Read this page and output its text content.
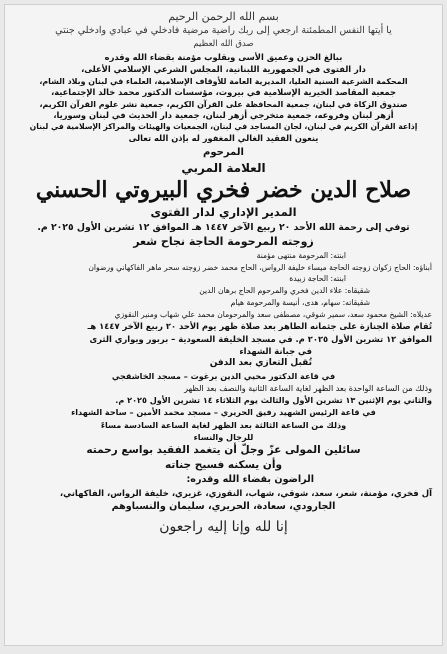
بسم الله الرحمن الرحيم
يا أيتها النفس المطمئنة ارجعي إلى ربك راضية مرضية فادخلي في عبادي وادخلي جنتي
صدق الله العظيم
ببالغ الحزن وعميق الأسى وبقلوب مؤمنة بقضاء الله وقدره
دار الفتوى في الجمهورية اللبنانية، المجلس الشرعي الإسلامي الأعلى،
المحكمة الشرعية السنية العليا، المديرية العامة للأوقاف الإسلامية، العلماء في لبنان وبلاد الشام،
جمعية المقاصد الخيرية الإسلامية في بيروت، مؤسسات الدكتور محمد خالد الإجتماعية،
صندوق الزكاة في لبنان، جمعية المحافظة على القرآن الكريم، جمعية نشر علوم القرآن الكريم،
أزهر لبنان وفروعه، جمعية متخرجي أزهر لبنان، جمعية دار الحديث في لبنان وسوريا،
إذاعة القرآن الكريم في لبنان، لجان المساجد في لبنان، الجمعيات والهيئات والمراكز الإسلامية في لبنان
ينعون الفقيد الغالي المغفور له بإذن الله تعالى
المرحوم
العلامة المربي
صلاح الدين خضر فخري البيروتي الحسني
المدير الإداري لدار الفتوى
توفي إلى رحمة الله الأحد ٢٠ ربيع الآخر ١٤٤٧ هـ الموافق ١٢ تشرين الأول ٢٠٢٥ م.
زوجته المرحومة الحاجة نجاح شعر
ابنته: المرحومة منتهى مؤمنة
أبناؤه: الحاج زكوان زوجته الحاجة ميساء خليفة الرواس، الحاج محمد خضر زوجته سحر ماهر الفاكهاني ورضوان
ابنته: الحاجة زبيدة
شقيقاه: علاء الدين فخري والمرحوم الحاج برهان الدين
شقيقاته: سهام، هدى، أنيسة والمرحومة هيام
عديلاه: الشيخ محمود سعد، سمير شوقي، مصطفى سعد والمرحومان محمد علي شهاب ومنير النقوزي
تُقام صلاة الجنازة على جثمانه الطاهر بعد صلاة ظهر يوم الأحد ٢٠ ربيع الآخر ١٤٤٧ هـ
الموافق ١٢ تشرين الأول ٢٠٢٥ م. في مسجد الخليفة السعودية – بربور ويواري الثرى
في جبانة الشهداء
تُقبل التعازي بعد الدفن
في قاعة الدكتور محيي الدين برغوت – مسجد الخاشقجي
وذلك من الساعة الواحدة بعد الظهر لغاية الساعة الثانية والنصف بعد الظهر
والثاني يوم الإثنين ١٣ تشرين الأول والثالث يوم الثلاثاء ١٤ تشرين الأول ٢٠٢٥ م.
في قاعة الرئيس الشهيد رفيق الحريري – مسجد محمد الأمين – ساحة الشهداء
وذلك من الساعة الثالثة بعد الظهر لغاية الساعة السادسة مساءً
للرجال والنساء
سائلين المولى عزّ وجلّ أن يتغمد الفقيد بواسع رحمته
وأن يسكنه فسيح جناته
الراضون بقضاء الله وقدره:
آل فخري، مؤمنة، شعر، سعد، شوقي، شهاب، النقوزي، غزيري، خليفة الرواس، الفاكهاني،
الجارودي، سعادة، الحريري، سليمان والنسباوهم
إنا لله وإنا إليه راجعون
